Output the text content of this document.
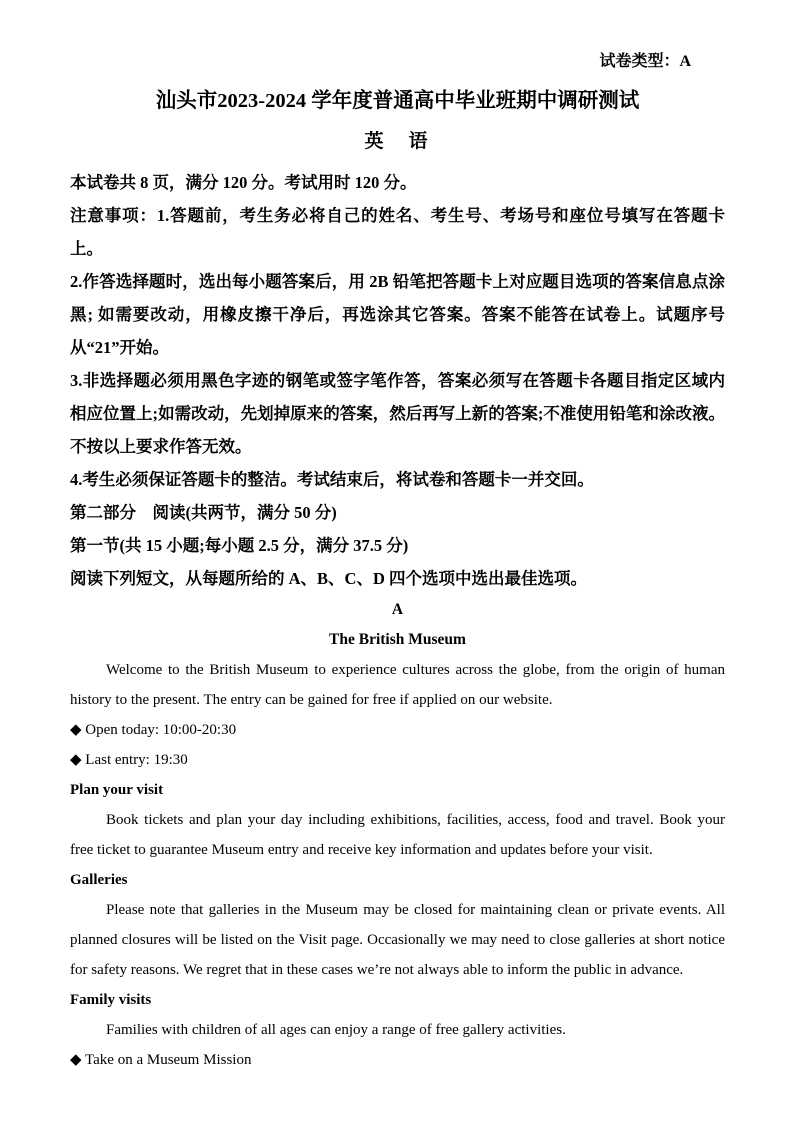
试卷类型：A
汕头市2023-2024 学年度普通高中毕业班期中调研测试
英　语

本试卷共 8 页，满分 120 分。考试用时 120 分。

注意事项：1.答题前，考生务必将自己的姓名、考生号、考场号和座位号填写在答题卡上。

2.作答选择题时，选出每小题答案后，用 2B 铅笔把答题卡上对应题目选项的答案信息点涂黑; 如需要改动，用橡皮擦干净后，再选涂其它答案。答案不能答在试卷上。试题序号从“21”开始。

3.非选择题必须用黑色字迹的钢笔或签字笔作答，答案必须写在答题卡各题目指定区域内相应位置上;如需改动，先划掉原来的答案，然后再写上新的答案;不准使用铅笔和涂改液。不按以上要求作答无效。

4.考生必须保证答题卡的整洁。考试结束后，将试卷和答题卡一并交回。

第二部分　阅读(共两节，满分 50 分)

第一节(共 15 小题;每小题 2.5 分，满分 37.5 分)

阅读下列短文，从每题所给的 A、B、C、D 四个选项中选出最佳选项。

A
The British Museum

Welcome to the British Museum to experience cultures across the globe, from the origin of human history to the present. The entry can be gained for free if applied on our website.

◆ Open today: 10:00-20:30

◆ Last entry: 19:30

Plan your visit

Book tickets and plan your day including exhibitions, facilities, access, food and travel. Book your free ticket to guarantee Museum entry and receive key information and updates before your visit.

Galleries

Please note that galleries in the Museum may be closed for maintaining clean or private events. All planned closures will be listed on the Visit page. Occasionally we may need to close galleries at short notice for safety reasons. We regret that in these cases we’re not always able to inform the public in advance.

Family visits

Families with children of all ages can enjoy a range of free gallery activities.

◆ Take on a Museum Mission
